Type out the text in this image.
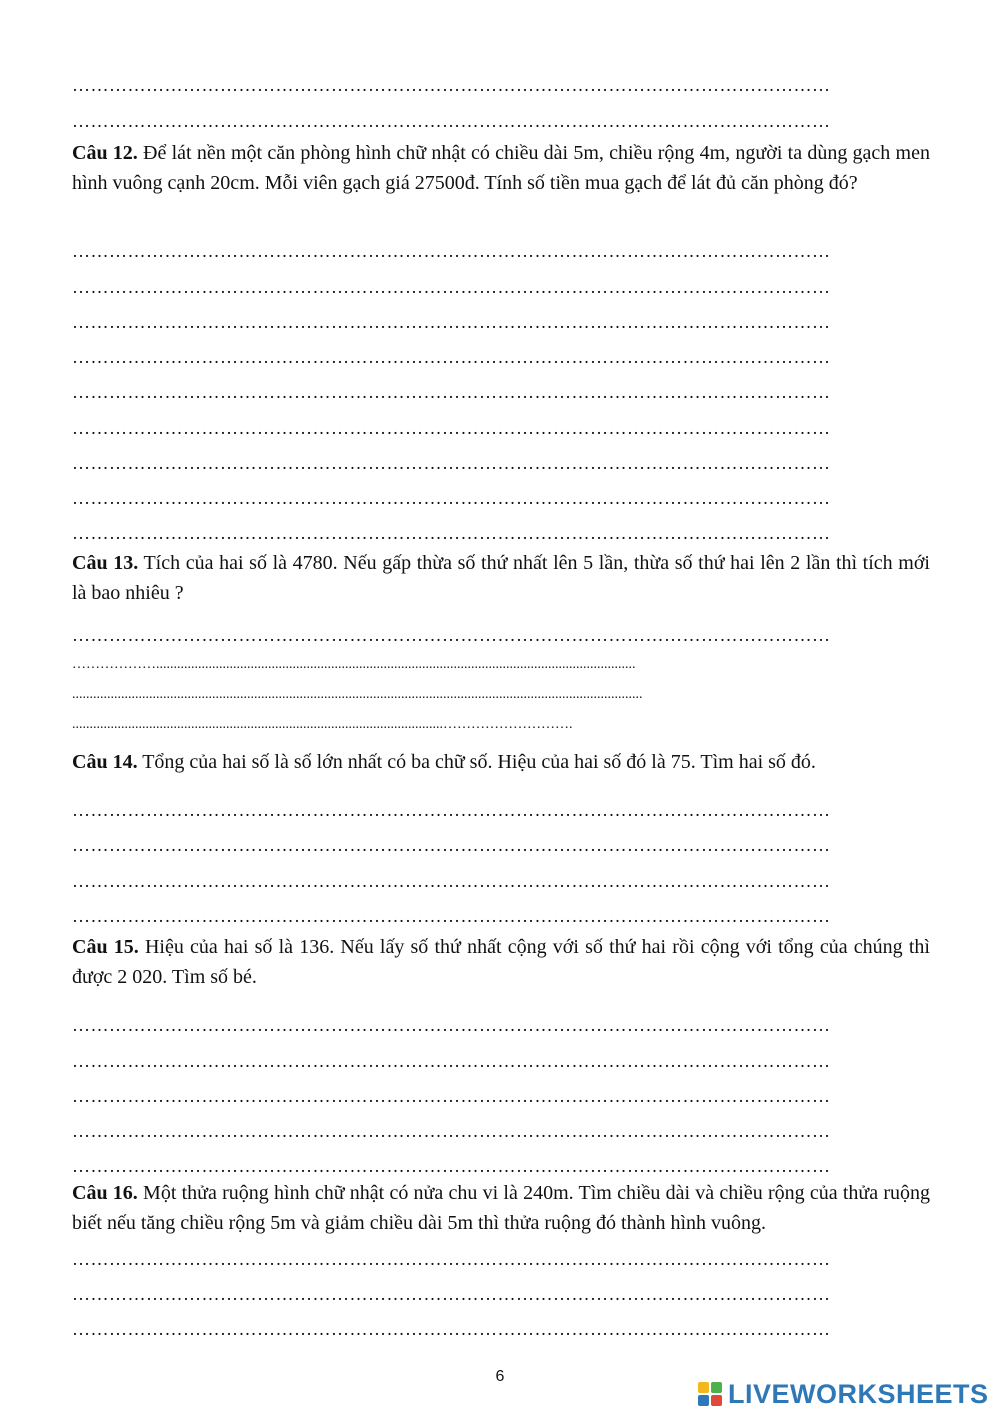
……………………………………………………………………………………………………………
……………………………………………………………………………………………………………
Câu 12. Để lát nền một căn phòng hình chữ nhật có chiều dài 5m, chiều rộng 4m, người ta dùng gạch men hình vuông cạnh 20cm. Mỗi viên gạch giá 27500đ. Tính số tiền mua gạch để lát đủ căn phòng đó?
……………………………………………………………………………………………………………
……………………………………………………………………………………………………………
……………………………………………………………………………………………………………
……………………………………………………………………………………………………………
……………………………………………………………………………………………………………
……………………………………………………………………………………………………………
……………………………………………………………………………………………………………
……………………………………………………………………………………………………………
……………………………………………………………………………………………………………
Câu 13. Tích của hai số là 4780. Nếu gấp thừa số thứ nhất lên 5 lần, thừa số thứ hai lên 2 lần thì tích mới là bao nhiêu ?
……………………………………………………………………………………………………………
……………….........................................................................................................................................
...................................................................................................................................................................
..........................................................................................................……………………….
Câu 14. Tổng của hai số là số lớn nhất có ba chữ số. Hiệu của hai số đó là 75. Tìm hai số đó.
……………………………………………………………………………………………………………
……………………………………………………………………………………………………………
……………………………………………………………………………………………………………
……………………………………………………………………………………………………………
Câu 15. Hiệu của hai số là 136. Nếu lấy số thứ nhất cộng với số thứ hai rồi cộng với tổng của chúng thì được 2 020. Tìm số bé.
……………………………………………………………………………………………………………
……………………………………………………………………………………………………………
……………………………………………………………………………………………………………
……………………………………………………………………………………………………………
……………………………………………………………………………………………………………
Câu 16. Một thửa ruộng hình chữ nhật có nửa chu vi là 240m. Tìm chiều dài và chiều rộng của thửa ruộng biết nếu tăng chiều rộng 5m và giảm chiều dài 5m thì thửa ruộng đó thành hình vuông.
……………………………………………………………………………………………………………
……………………………………………………………………………………………………………
……………………………………………………………………………………………………………
6
LIVEWORKSHEETS
